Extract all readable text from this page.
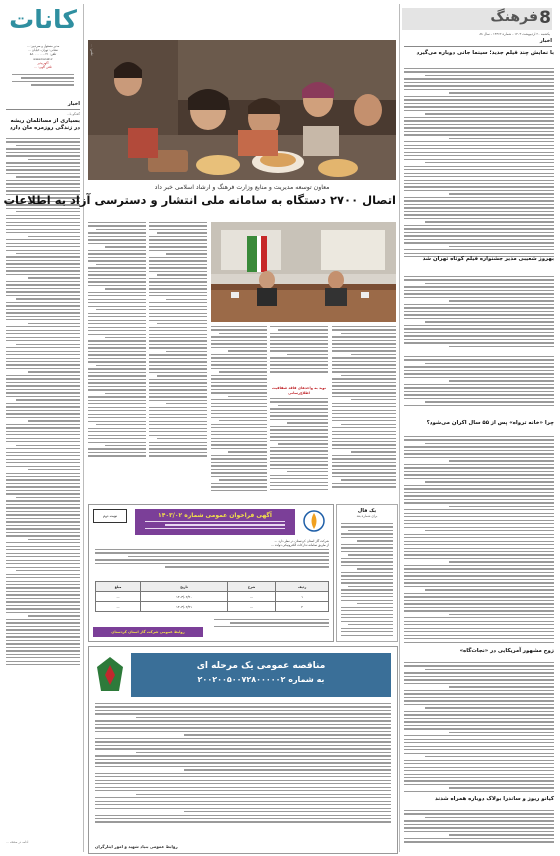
فرهنگ 8
یکشنبه ۲۰ اردیبهشت ۱۴۰۳ - شماره ۱۴۳۶۲ - سال ۸۸
اخبار
کانات
مدیر مسئول و سردبیر: ...
نشانی: تهران، خیابان ...
تلفن: ۰۲۱-۸۸۰۰۰۰۰۰
www.kanat.ir
آگهی‌پذیر
تلفن آگهی: ...
اخبار
گفتگو با...
بسیاری از مسائلمان ریشه در زندگی روزمره مان دارد
ادامه در صفحه ...
عکس: ...
معاون توسعه مدیریت و منابع وزارت فرهنگ و ارشاد اسلامی خبر داد
اتصال ۲۷۰۰ دستگاه به سامانه ملی انتشار و دسترسی آزاد به اطلاعات
نوید به واحدهای فاقد شفافیت اطلاع‌رسانی
آگهی فراخوان عمومی شماره ۱۴۰۳/۰۲
نوبت دوم
شرکت گاز استان کردستان در نظر دارد ...
از طریق سامانه تدارکات الکترونیکی دولت ...
ردیف	شرح	تاریخ	مبلغ
۱	...	۱۴۰۳/۰۲/۲۰	...
۲	...	۱۴۰۳/۰۲/۲۱	...
روابط عمومی شرکت گاز استان کردستان
یک فال
برای شماره بعد
مناقصه عمومی یک مرحله ای
به شماره ۲۰۰۲۰۰۵۰۰۷۲۸۰۰۰۰۰۲
روابط عمومی بنیاد شهید و امور ایثارگران
با نمایش چند فیلم جدید؛ سینما جانی دوباره می‌گیرد
بهروز شعیبی مدیر جشنواره فیلم کوتاه تهران شد
چرا «خانه ترواه» پس از ۵۵ سال اکران می‌شود؟
زوج مشهور آمریکایی در «نجات‌گاه»
کیانو ریوز و ساندرا بولاک دوباره همراه شدند
